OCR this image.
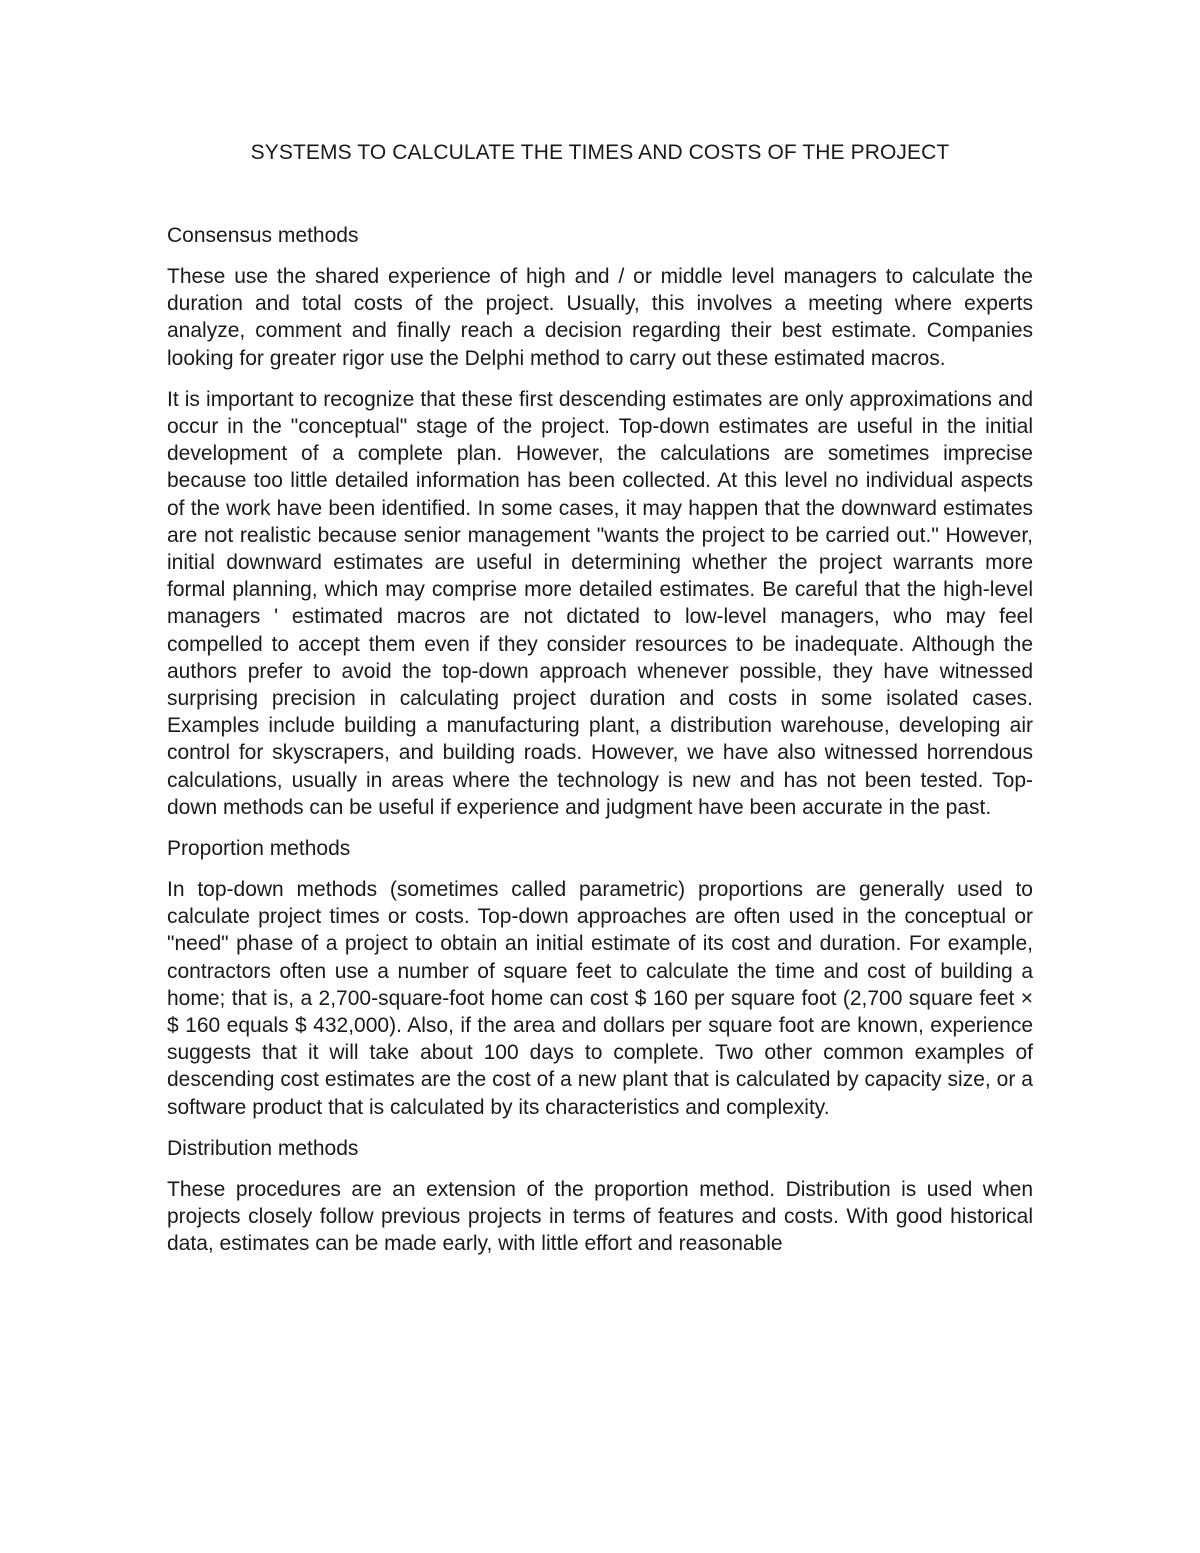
SYSTEMS TO CALCULATE THE TIMES AND COSTS OF THE PROJECT
Consensus methods

These use the shared experience of high and / or middle level managers to calculate the duration and total costs of the project. Usually, this involves a meeting where experts analyze, comment and finally reach a decision regarding their best estimate. Companies looking for greater rigor use the Delphi method to carry out these estimated macros.

It is important to recognize that these first descending estimates are only approximations and occur in the "conceptual" stage of the project. Top-down estimates are useful in the initial development of a complete plan. However, the calculations are sometimes imprecise because too little detailed information has been collected. At this level no individual aspects of the work have been identified. In some cases, it may happen that the downward estimates are not realistic because senior management "wants the project to be carried out." However, initial downward estimates are useful in determining whether the project warrants more formal planning, which may comprise more detailed estimates. Be careful that the high-level managers ' estimated macros are not dictated to low-level managers, who may feel compelled to accept them even if they consider resources to be inadequate. Although the authors prefer to avoid the top-down approach whenever possible, they have witnessed surprising precision in calculating project duration and costs in some isolated cases. Examples include building a manufacturing plant, a distribution warehouse, developing air control for skyscrapers, and building roads. However, we have also witnessed horrendous calculations, usually in areas where the technology is new and has not been tested. Top-down methods can be useful if experience and judgment have been accurate in the past.

Proportion methods

In top-down methods (sometimes called parametric) proportions are generally used to calculate project times or costs. Top-down approaches are often used in the conceptual or "need" phase of a project to obtain an initial estimate of its cost and duration. For example, contractors often use a number of square feet to calculate the time and cost of building a home; that is, a 2,700-square-foot home can cost $ 160 per square foot (2,700 square feet × $ 160 equals $ 432,000). Also, if the area and dollars per square foot are known, experience suggests that it will take about 100 days to complete. Two other common examples of descending cost estimates are the cost of a new plant that is calculated by capacity size, or a software product that is calculated by its characteristics and complexity.

Distribution methods

These procedures are an extension of the proportion method. Distribution is used when projects closely follow previous projects in terms of features and costs. With good historical data, estimates can be made early, with little effort and reasonable
